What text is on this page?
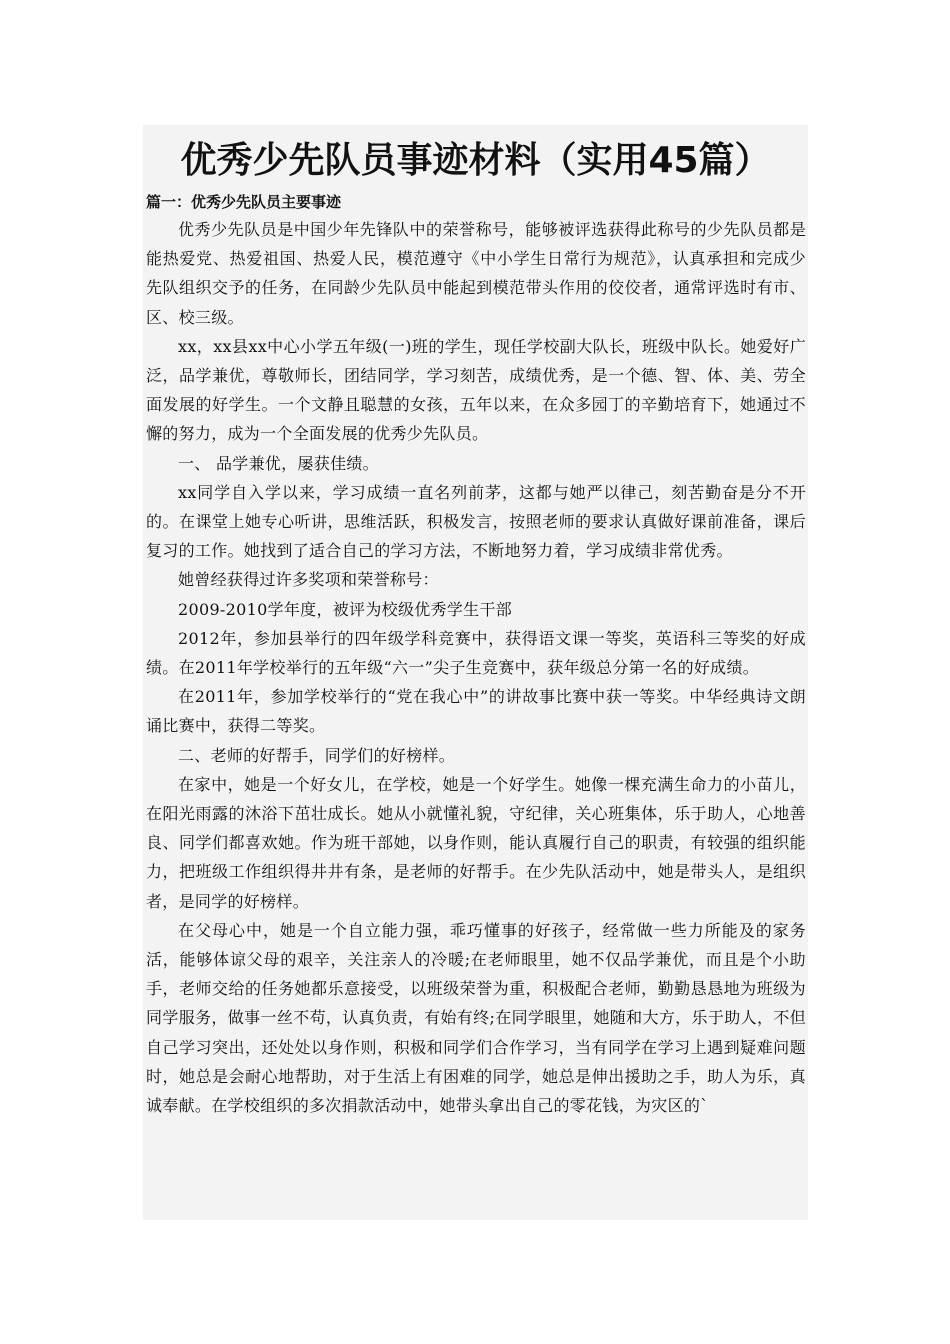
优秀少先队员事迹材料（实用45篇）
篇一：优秀少先队员主要事迹

优秀少先队员是中国少年先锋队中的荣誉称号，能够被评选获得此称号的少先队员都是能热爱党、热爱祖国、热爱人民，模范遵守《中小学生日常行为规范》，认真承担和完成少先队组织交予的任务，在同龄少先队员中能起到模范带头作用的佼佼者，通常评选时有市、区、校三级。

xx，xx县xx中心小学五年级(一)班的学生，现任学校副大队长，班级中队长。她爱好广泛，品学兼优，尊敬师长，团结同学，学习刻苦，成绩优秀，是一个德、智、体、美、劳全面发展的好学生。一个文静且聪慧的女孩，五年以来，在众多园丁的辛勤培育下，她通过不懈的努力，成为一个全面发展的优秀少先队员。

一、 品学兼优，屡获佳绩。

xx同学自入学以来，学习成绩一直名列前茅，这都与她严以律己，刻苦勤奋是分不开的。在课堂上她专心听讲，思维活跃，积极发言，按照老师的要求认真做好课前准备，课后复习的工作。她找到了适合自己的学习方法，不断地努力着，学习成绩非常优秀。

她曾经获得过许多奖项和荣誉称号：

2009-2010学年度，被评为校级优秀学生干部

2012年，参加县举行的四年级学科竞赛中，获得语文课一等奖，英语科三等奖的好成绩。在2011年学校举行的五年级“六一”尖子生竞赛中，获年级总分第一名的好成绩。

在2011年，参加学校举行的“党在我心中”的讲故事比赛中获一等奖。中华经典诗文朗诵比赛中，获得二等奖。

二、老师的好帮手，同学们的好榜样。

在家中，她是一个好女儿，在学校，她是一个好学生。她像一棵充满生命力的小苗儿，在阳光雨露的沐浴下茁壮成长。她从小就懂礼貌，守纪律，关心班集体，乐于助人，心地善良、同学们都喜欢她。作为班干部她，以身作则，能认真履行自己的职责，有较强的组织能力，把班级工作组织得井井有条，是老师的好帮手。在少先队活动中，她是带头人，是组织者，是同学的好榜样。

在父母心中，她是一个自立能力强，乖巧懂事的好孩子，经常做一些力所能及的家务活，能够体谅父母的艰辛，关注亲人的冷暖;在老师眼里，她不仅品学兼优，而且是个小助手，老师交给的任务她都乐意接受，以班级荣誉为重，积极配合老师，勤勤恳恳地为班级为同学服务，做事一丝不苟，认真负责，有始有终;在同学眼里，她随和大方，乐于助人，不但自己学习突出，还处处以身作则，积极和同学们合作学习，当有同学在学习上遇到疑难问题时，她总是会耐心地帮助，对于生活上有困难的同学，她总是伸出援助之手，助人为乐，真诚奉献。在学校组织的多次捐款活动中，她带头拿出自己的零花钱，为灾区的`
